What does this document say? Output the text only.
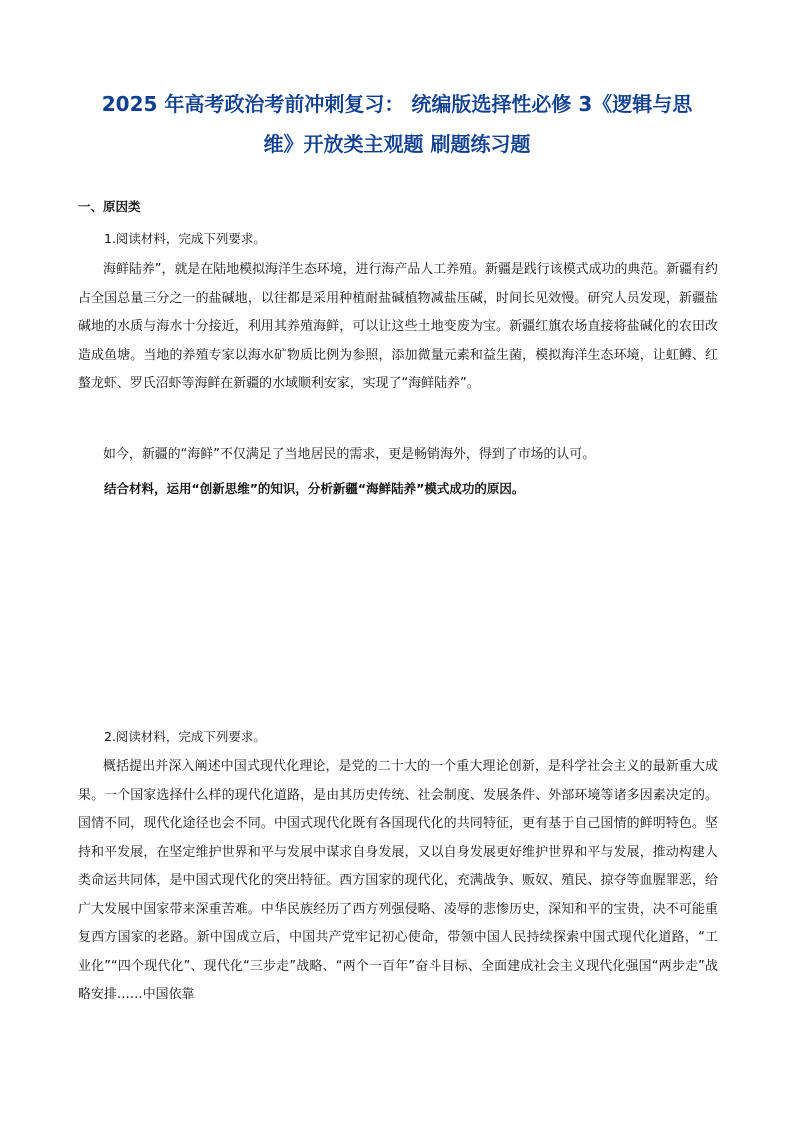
2025 年高考政治考前冲刺复习： 统编版选择性必修 3《逻辑与思
维》开放类主观题 刷题练习题
一、原因类

1.阅读材料，完成下列要求。

海鲜陆养”，就是在陆地模拟海洋生态环境，进行海产品人工养殖。新疆是践行该模式成功的典范。新疆有约占全国总量三分之一的盐碱地，以往都是采用种植耐盐碱植物减盐压碱，时间长见效慢。研究人员发现，新疆盐碱地的水质与海水十分接近，利用其养殖海鲜，可以让这些土地变废为宝。新疆红旗农场直接将盐碱化的农田改造成鱼塘。当地的养殖专家以海水矿物质比例为参照，添加微量元素和益生菌，模拟海洋生态环境，让虹鳟、红螯龙虾、罗氏沼虾等海鲜在新疆的水域顺利安家，实现了“海鲜陆养”。

如今，新疆的“海鲜”不仅满足了当地居民的需求，更是畅销海外，得到了市场的认可。

结合材料，运用“创新思维”的知识，分析新疆“海鲜陆养”模式成功的原因。

2.阅读材料，完成下列要求。

概括提出并深入阐述中国式现代化理论，是党的二十大的一个重大理论创新，是科学社会主义的最新重大成果。一个国家选择什么样的现代化道路，是由其历史传统、社会制度、发展条件、外部环境等诸多因素决定的。国情不同，现代化途径也会不同。中国式现代化既有各国现代化的共同特征，更有基于自己国情的鲜明特色。坚持和平发展，在坚定维护世界和平与发展中谋求自身发展，又以自身发展更好维护世界和平与发展，推动构建人类命运共同体，是中国式现代化的突出特征。西方国家的现代化，充满战争、贩奴、殖民、掠夺等血腥罪恶，给广大发展中国家带来深重苦难。中华民族经历了西方列强侵略、凌辱的悲惨历史，深知和平的宝贵，决不可能重复西方国家的老路。新中国成立后，中国共产党牢记初心使命，带领中国人民持续探索中国式现代化道路，“工业化”“四个现代化”、现代化“三步走”战略、“两个一百年”奋斗目标、全面建成社会主义现代化强国“两步走”战略安排……中国依靠
